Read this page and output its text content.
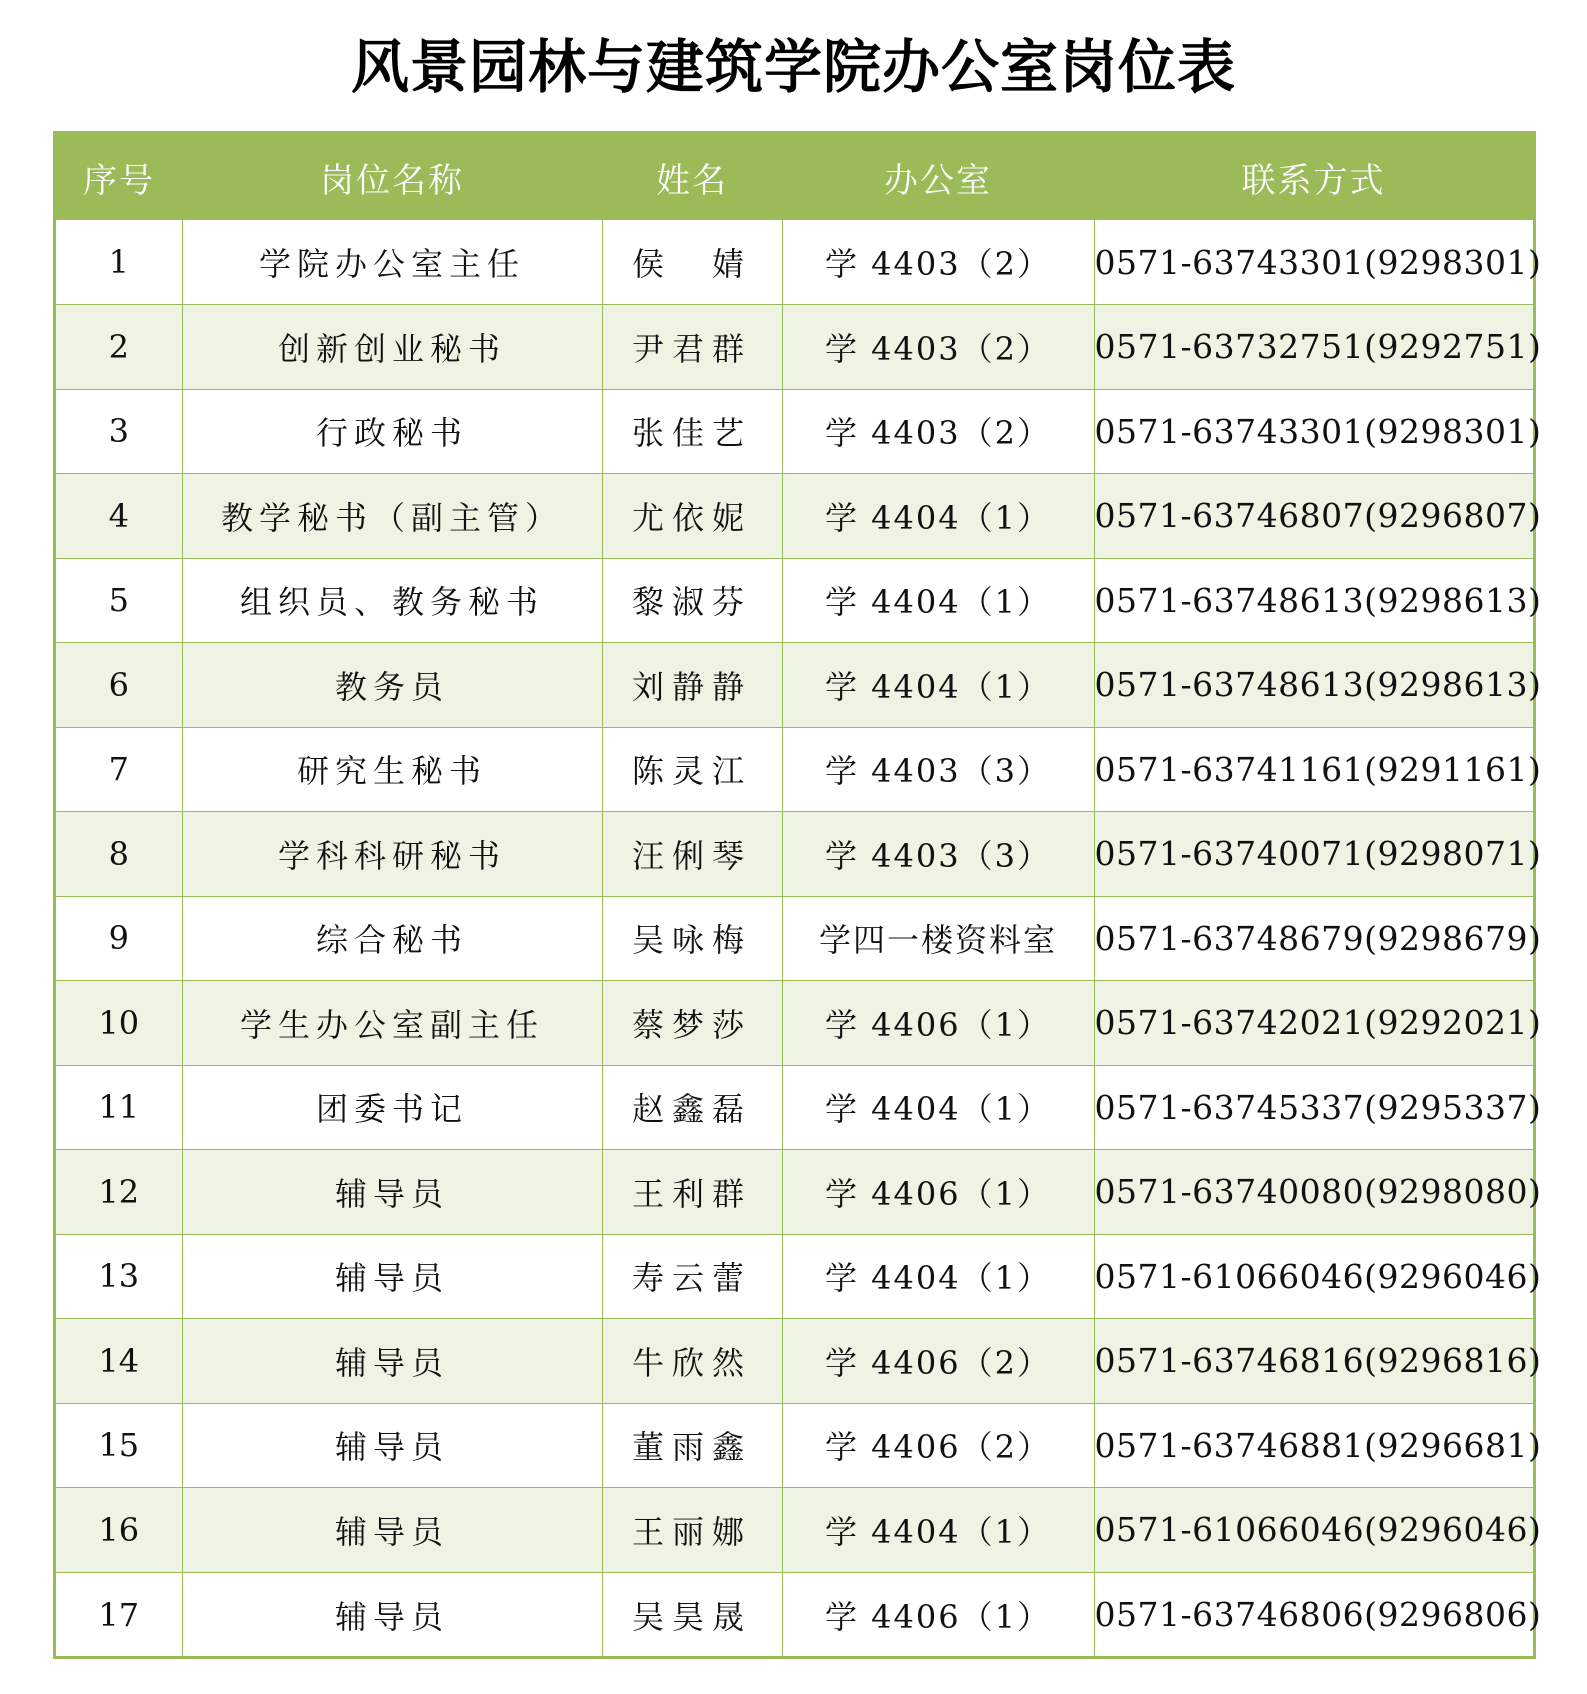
风景园林与建筑学院办公室岗位表
序号	岗位名称	姓名	办公室	联系方式
1	学院办公室主任	侯　婧	学 4403（2）	0571-63743301(9298301)
2	创新创业秘书	尹君群	学 4403（2）	0571-63732751(9292751)
3	行政秘书	张佳艺	学 4403（2）	0571-63743301(9298301)
4	教学秘书（副主管）	尤依妮	学 4404（1）	0571-63746807(9296807)
5	组织员、教务秘书	黎淑芬	学 4404（1）	0571-63748613(9298613)
6	教务员	刘静静	学 4404（1）	0571-63748613(9298613)
7	研究生秘书	陈灵江	学 4403（3）	0571-63741161(9291161)
8	学科科研秘书	汪俐琴	学 4403（3）	0571-63740071(9298071)
9	综合秘书	吴咏梅	学四一楼资料室	0571-63748679(9298679)
10	学生办公室副主任	蔡梦莎	学 4406（1）	0571-63742021(9292021)
11	团委书记	赵鑫磊	学 4404（1）	0571-63745337(9295337)
12	辅导员	王利群	学 4406（1）	0571-63740080(9298080)
13	辅导员	寿云蕾	学 4404（1）	0571-61066046(9296046)
14	辅导员	牛欣然	学 4406（2）	0571-63746816(9296816)
15	辅导员	董雨鑫	学 4406（2）	0571-63746881(9296681)
16	辅导员	王丽娜	学 4404（1）	0571-61066046(9296046)
17	辅导员	吴昊晟	学 4406（1）	0571-63746806(9296806)
